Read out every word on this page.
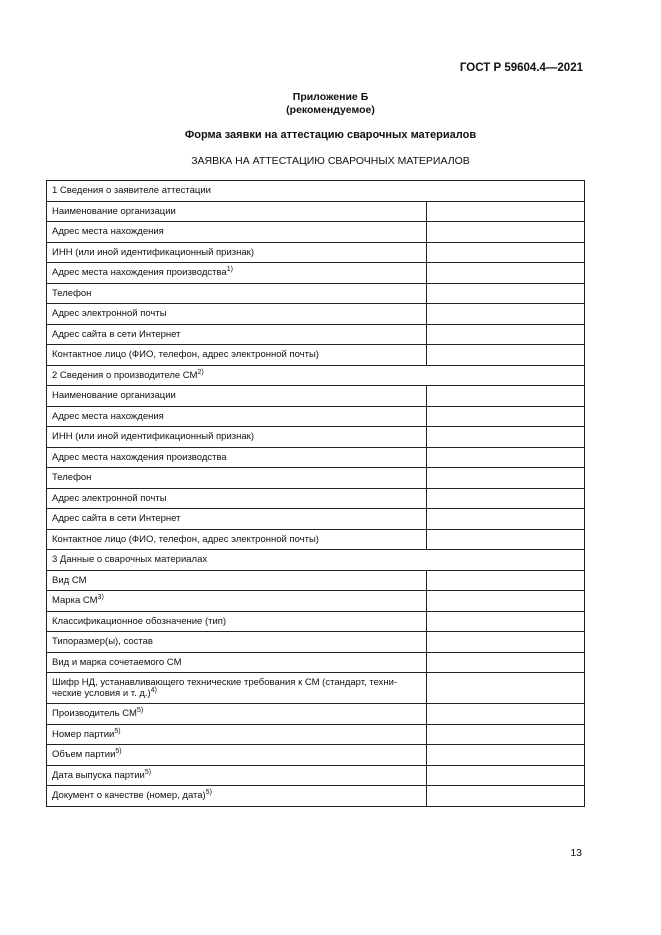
ГОСТ Р 59604.4—2021
Приложение Б
(рекомендуемое)
Форма заявки на аттестацию сварочных материалов
ЗАЯВКА НА АТТЕСТАЦИЮ СВАРОЧНЫХ МАТЕРИАЛОВ
1 Сведения о заявителе аттестации	
Наименование организации	
Адрес места нахождения	
ИНН (или иной идентификационный признак)	
Адрес места нахождения производства$^{1)}$	
Телефон	
Адрес электронной почты	
Адрес сайта в сети Интернет	
Контактное лицо (ФИО, телефон, адрес электронной почты)	
2 Сведения о производителе СМ$^{2)}$
Наименование организации	
Адрес места нахождения	
ИНН (или иной идентификационный признак)	
Адрес места нахождения производства	
Телефон	
Адрес электронной почты	
Адрес сайта в сети Интернет	
Контактное лицо (ФИО, телефон, адрес электронной почты)	
3 Данные о сварочных материалах	
Вид СМ	
Марка СМ$^{3)}$	
Классификационное обозначение (тип)	
Типоразмер(ы), состав	
Вид и марка сочетаемого СМ	
Шифр НД, устанавливающего технические требования к СМ (стандарт, техни-
ческие условия и т. д.)$^{4)}$	
Производитель СМ$^{5)}$	
Номер партии$^{5)}$	
Объем партии$^{5)}$	
Дата выпуска партии$^{5)}$	
Документ о качестве (номер, дата)$^{5)}$	
13
